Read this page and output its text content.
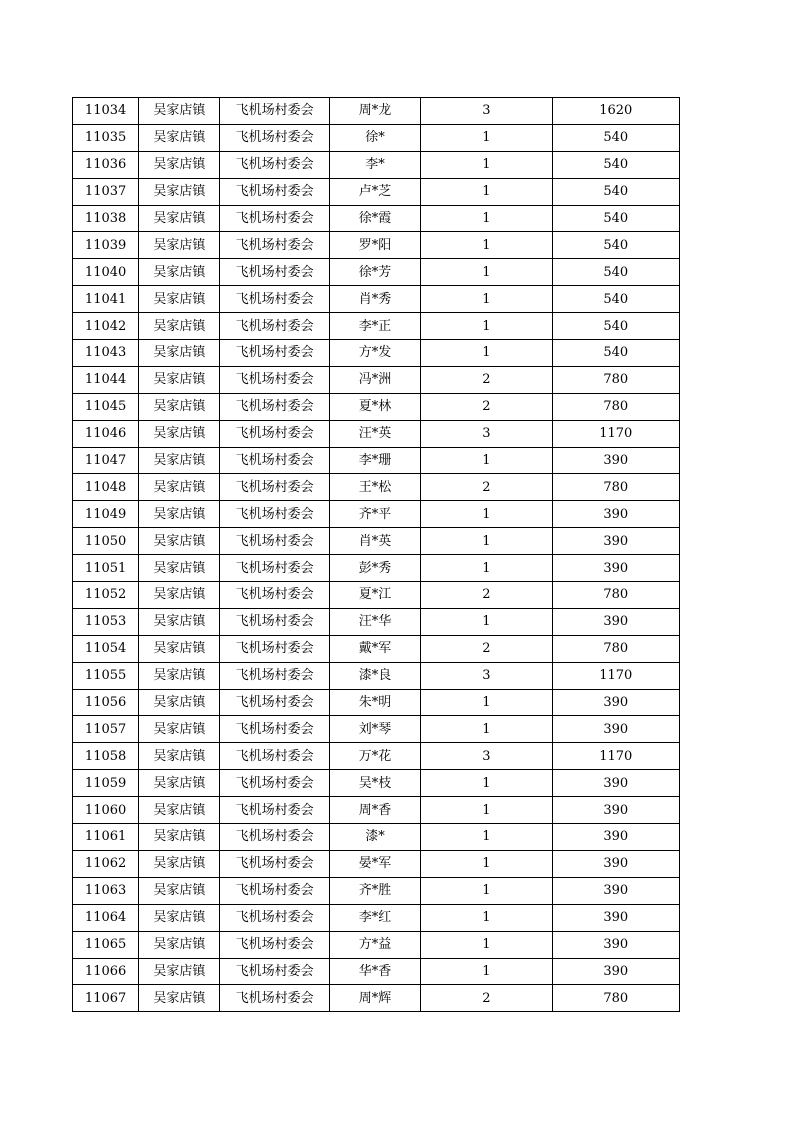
11034	吴家店镇	飞机场村委会	周*龙	3	1620
11035	吴家店镇	飞机场村委会	徐*	1	540
11036	吴家店镇	飞机场村委会	李*	1	540
11037	吴家店镇	飞机场村委会	卢*芝	1	540
11038	吴家店镇	飞机场村委会	徐*霞	1	540
11039	吴家店镇	飞机场村委会	罗*阳	1	540
11040	吴家店镇	飞机场村委会	徐*芳	1	540
11041	吴家店镇	飞机场村委会	肖*秀	1	540
11042	吴家店镇	飞机场村委会	李*正	1	540
11043	吴家店镇	飞机场村委会	方*发	1	540
11044	吴家店镇	飞机场村委会	冯*洲	2	780
11045	吴家店镇	飞机场村委会	夏*林	2	780
11046	吴家店镇	飞机场村委会	汪*英	3	1170
11047	吴家店镇	飞机场村委会	李*珊	1	390
11048	吴家店镇	飞机场村委会	王*松	2	780
11049	吴家店镇	飞机场村委会	齐*平	1	390
11050	吴家店镇	飞机场村委会	肖*英	1	390
11051	吴家店镇	飞机场村委会	彭*秀	1	390
11052	吴家店镇	飞机场村委会	夏*江	2	780
11053	吴家店镇	飞机场村委会	汪*华	1	390
11054	吴家店镇	飞机场村委会	戴*军	2	780
11055	吴家店镇	飞机场村委会	漆*良	3	1170
11056	吴家店镇	飞机场村委会	朱*明	1	390
11057	吴家店镇	飞机场村委会	刘*琴	1	390
11058	吴家店镇	飞机场村委会	万*花	3	1170
11059	吴家店镇	飞机场村委会	吴*枝	1	390
11060	吴家店镇	飞机场村委会	周*香	1	390
11061	吴家店镇	飞机场村委会	漆*	1	390
11062	吴家店镇	飞机场村委会	晏*军	1	390
11063	吴家店镇	飞机场村委会	齐*胜	1	390
11064	吴家店镇	飞机场村委会	李*红	1	390
11065	吴家店镇	飞机场村委会	方*益	1	390
11066	吴家店镇	飞机场村委会	华*香	1	390
11067	吴家店镇	飞机场村委会	周*辉	2	780
